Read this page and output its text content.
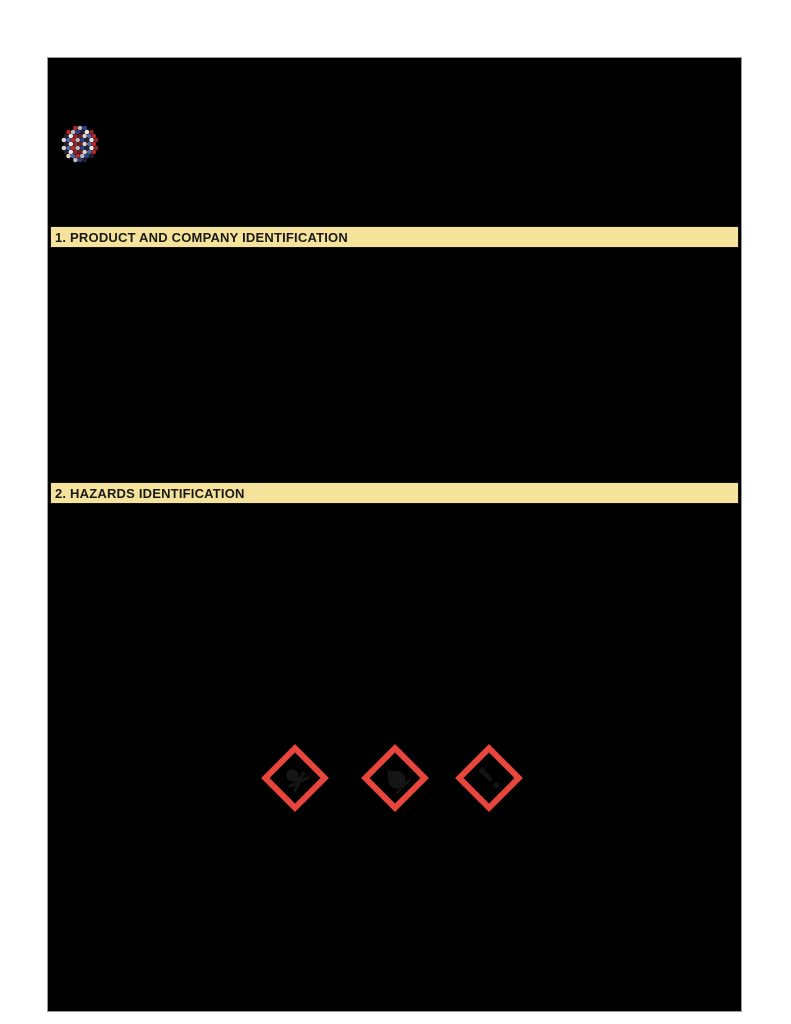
1. PRODUCT AND COMPANY IDENTIFICATION
2. HAZARDS IDENTIFICATION
